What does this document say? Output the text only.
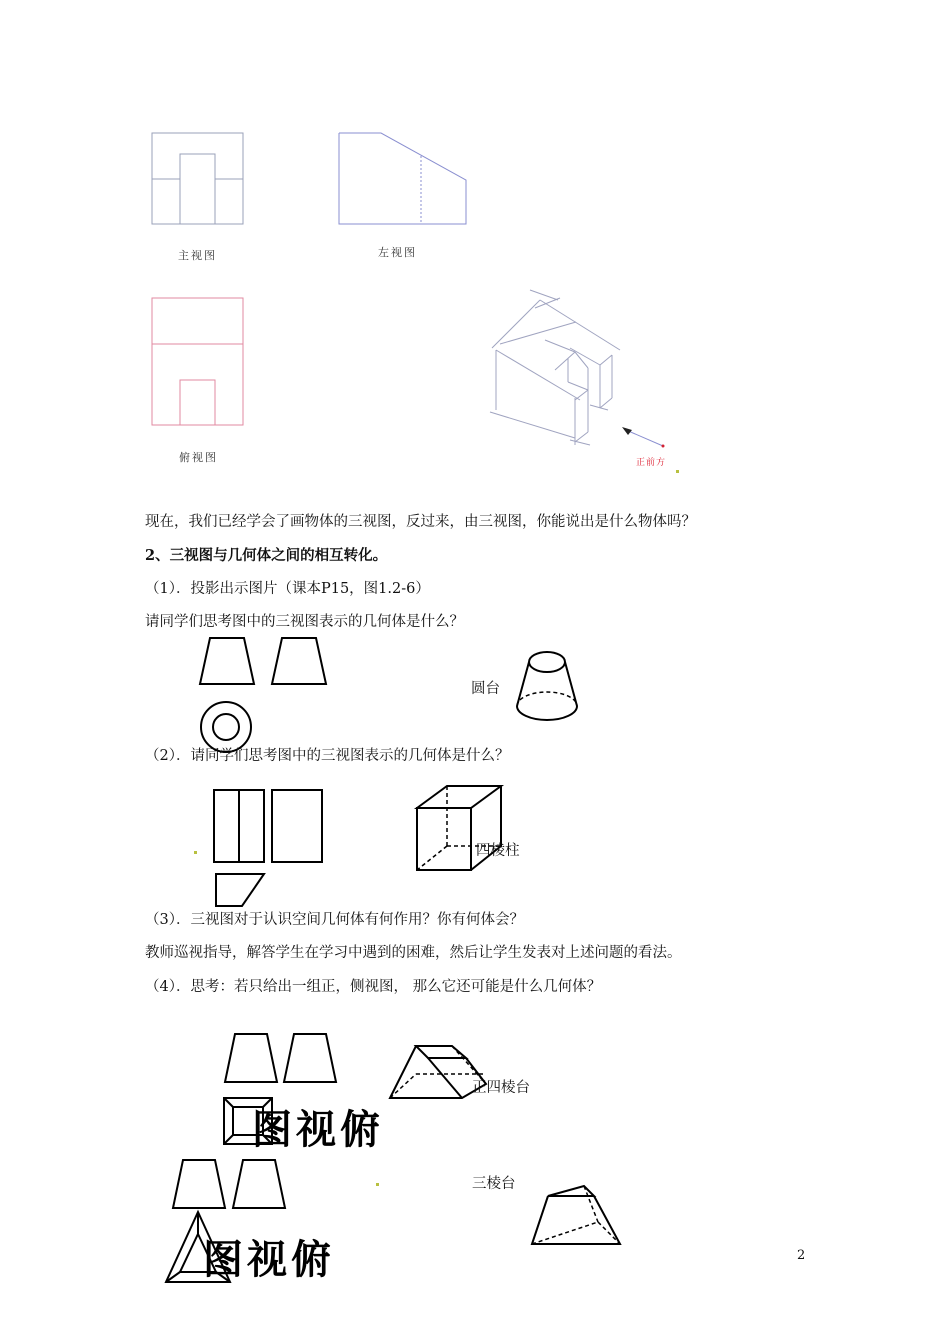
主视图	左视图
俯视图	正前方
现在，我们已经学会了画物体的三视图，反过来，由三视图，你能说出是什么物体吗？
2、三视图与几何体之间的相互转化。
（1）．投影出示图片（课本P15，图1.2-6）
请同学们思考图中的三视图表示的几何体是什么？
圆台
（2）．请同学们思考图中的三视图表示的几何体是什么？
四棱柱
（3）．三视图对于认识空间几何体有何作用？你有何体会？
教师巡视指导，解答学生在学习中遇到的困难，然后让学生发表对上述问题的看法。
（4）．思考：若只给出一组正，侧视图， 那么它还可能是什么几何体？
图视俯
正四棱台
图视俯
三棱台
2
